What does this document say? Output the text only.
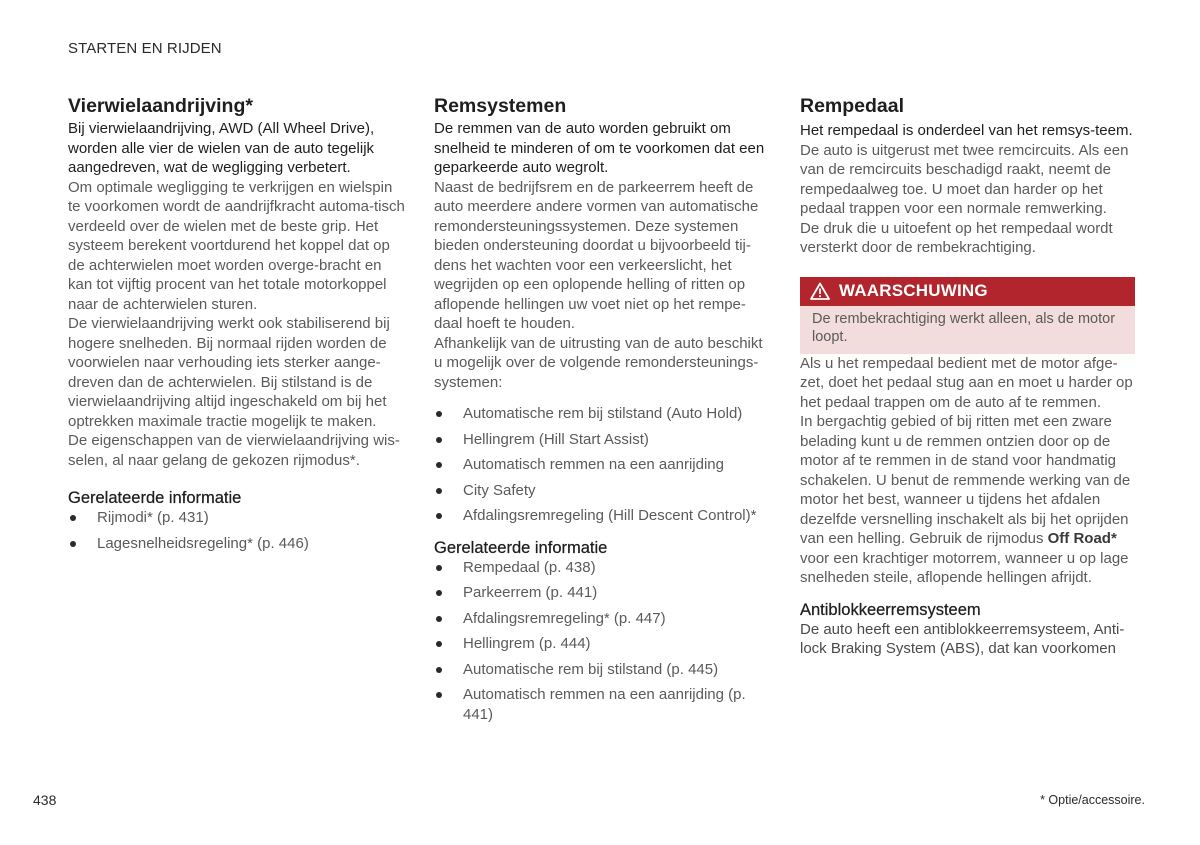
STARTEN EN RIJDEN
Vierwielaandrijving*

Bij vierwielaandrijving, AWD (All Wheel Drive), worden alle vier de wielen van de auto tegelijk aangedreven, wat de wegligging verbetert.

Om optimale wegligging te verkrijgen en wielspin te voorkomen wordt de aandrijfkracht automa-tisch verdeeld over de wielen met de beste grip. Het systeem berekent voortdurend het koppel dat op de achterwielen moet worden overge-bracht en kan tot vijftig procent van het totale motorkoppel naar de achterwielen sturen.

De vierwielaandrijving werkt ook stabiliserend bij hogere snelheden. Bij normaal rijden worden de voorwielen naar verhouding iets sterker aange-dreven dan de achterwielen. Bij stilstand is de vierwielaandrijving altijd ingeschakeld om bij het optrekken maximale tractie mogelijk te maken.

De eigenschappen van de vierwielaandrijving wis-selen, al naar gelang de gekozen rijmodus*.

Gerelateerde informatie
Rijmodi* (p. 431)
Lagesnelheidsregeling* (p. 446)
Remsystemen

De remmen van de auto worden gebruikt om snelheid te minderen of om te voorkomen dat een geparkeerde auto wegrolt.

Naast de bedrijfsrem en de parkeerrem heeft de auto meerdere andere vormen van automatische remondersteuningssystemen. Deze systemen bieden ondersteuning doordat u bijvoorbeeld tij-dens het wachten voor een verkeerslicht, het wegrijden op een oplopende helling of ritten op aflopende hellingen uw voet niet op het rempe-daal hoeft te houden.

Afhankelijk van de uitrusting van de auto beschikt u mogelijk over de volgende remondersteunings-systemen:

Automatische rem bij stilstand (Auto Hold)
Hellingrem (Hill Start Assist)
Automatisch remmen na een aanrijding
City Safety
Afdalingsremregeling (Hill Descent Control)*
Gerelateerde informatie
Rempedaal (p. 438)
Parkeerrem (p. 441)
Afdalingsremregeling* (p. 447)
Hellingrem (p. 444)
Automatische rem bij stilstand (p. 445)
Automatisch remmen na een aanrijding (p. 441)
Rempedaal

Het rempedaal is onderdeel van het remsys-teem.

De auto is uitgerust met twee remcircuits. Als een van de remcircuits beschadigd raakt, neemt de rempedaalweg toe. U moet dan harder op het pedaal trappen voor een normale remwerking.

De druk die u uitoefent op het rempedaal wordt versterkt door de rembekrachtiging.

WAARSCHUWING
De rembekrachtiging werkt alleen, als de motor loopt.

Als u het rempedaal bedient met de motor afge-zet, doet het pedaal stug aan en moet u harder op het pedaal trappen om de auto af te remmen.

In bergachtig gebied of bij ritten met een zware belading kunt u de remmen ontzien door op de motor af te remmen in de stand voor handmatig schakelen. U benut de remmende werking van de motor het best, wanneer u tijdens het afdalen dezelfde versnelling inschakelt als bij het oprijden van een helling. Gebruik de rijmodus Off Road* voor een krachtiger motorrem, wanneer u op lage snelheden steile, aflopende hellingen afrijdt.

Antiblokkeerremsysteem

De auto heeft een antiblokkeerremsysteem, Anti-lock Braking System (ABS), dat kan voorkomen

438	* Optie/accessoire.
